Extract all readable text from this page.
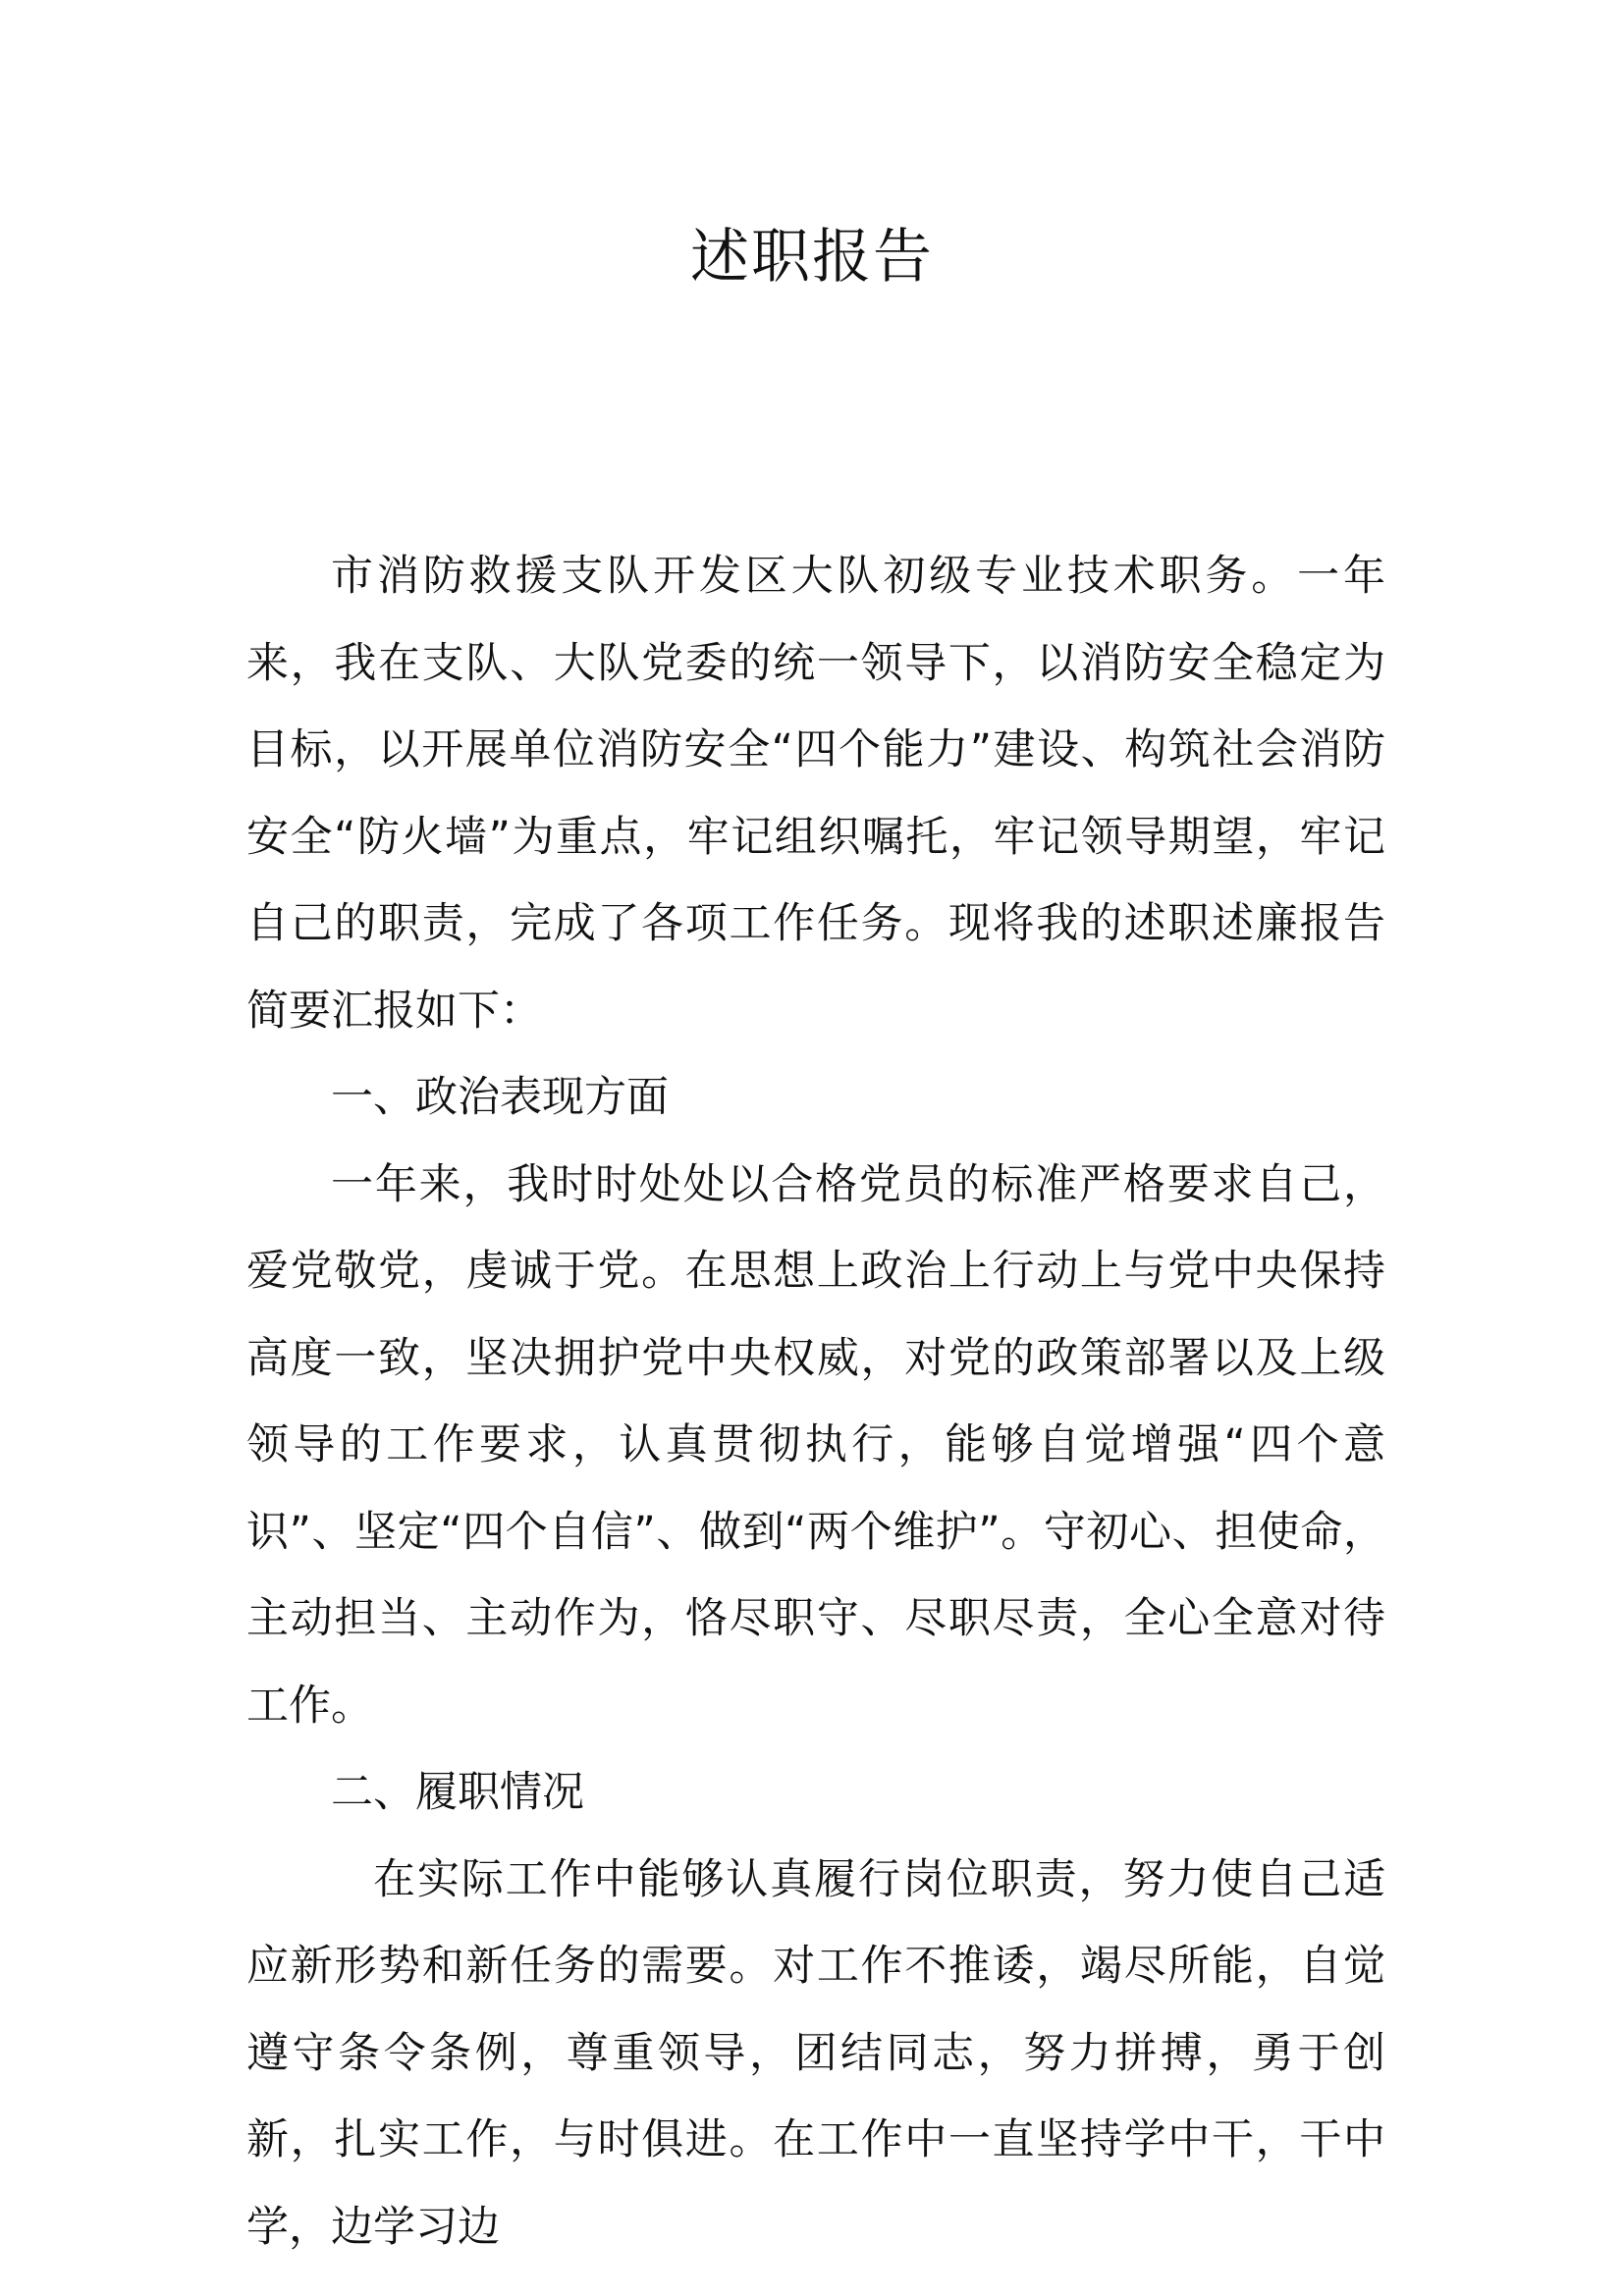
述职报告

市消防救援支队开发区大队初级专业技术职务。一年来，我在支队、大队党委的统一领导下，以消防安全稳定为目标，以开展单位消防安全“四个能力”建设、构筑社会消防安全“防火墙”为重点，牢记组织嘱托，牢记领导期望，牢记自己的职责，完成了各项工作任务。现将我的述职述廉报告简要汇报如下：

一、政治表现方面

一年来，我时时处处以合格党员的标准严格要求自己，爱党敬党，虔诚于党。在思想上政治上行动上与党中央保持高度一致，坚决拥护党中央权威，对党的政策部署以及上级领导的工作要求，认真贯彻执行，能够自觉增强“四个意识”、坚定“四个自信”、做到“两个维护”。守初心、担使命，主动担当、主动作为，恪尽职守、尽职尽责，全心全意对待工作。

二、履职情况

在实际工作中能够认真履行岗位职责，努力使自己适应新形势和新任务的需要。对工作不推诿，竭尽所能，自觉遵守条令条例，尊重领导，团结同志，努力拼搏，勇于创新，扎实工作，与时俱进。在工作中一直坚持学中干，干中学，边学习边
